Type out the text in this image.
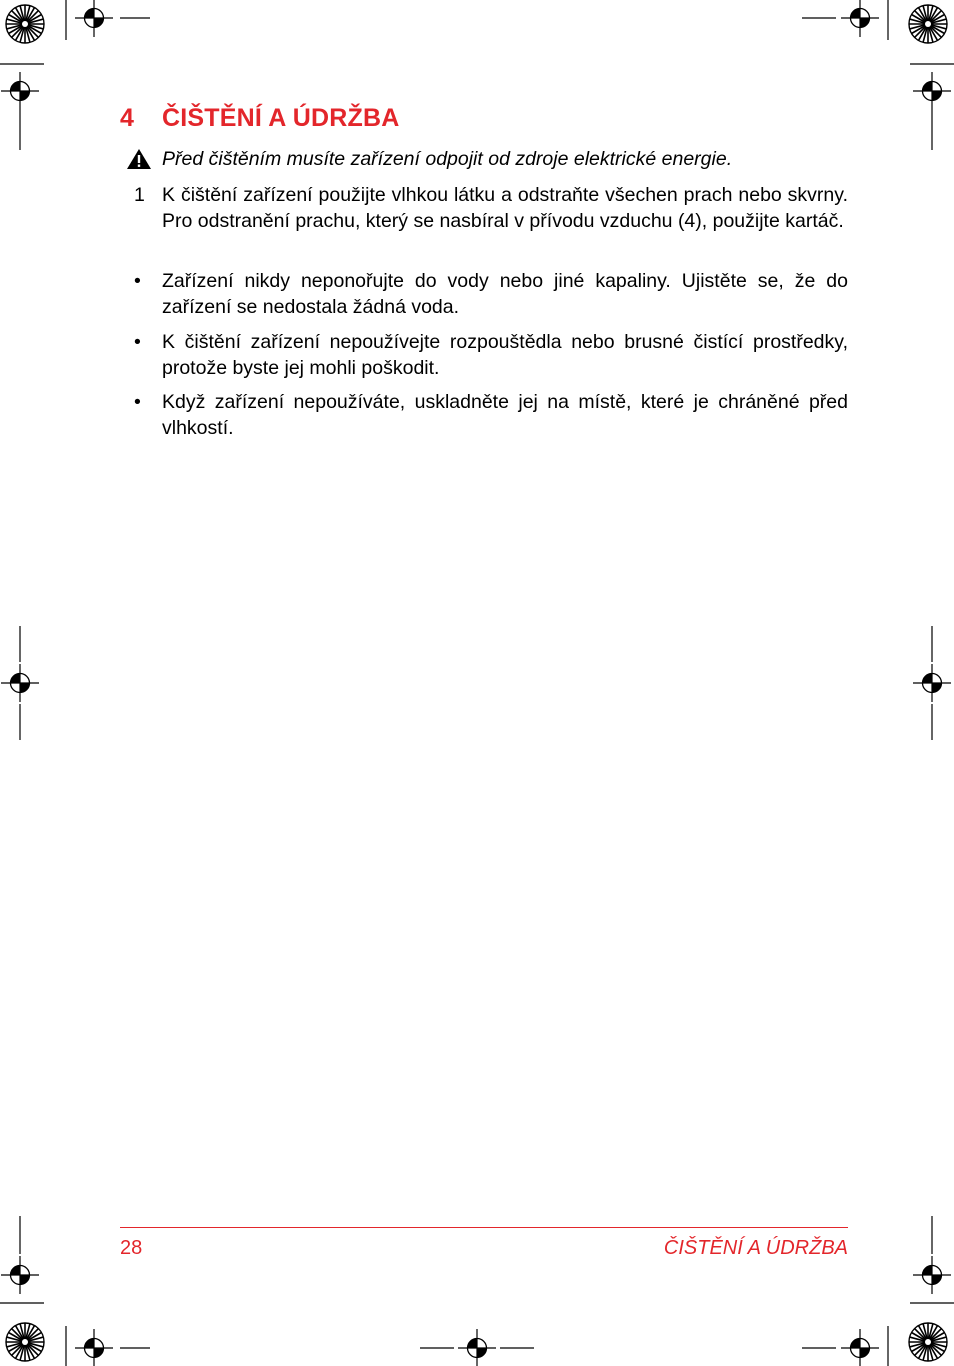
4 ČIŠTĚNÍ A ÚDRŽBA
Před čištěním musíte zařízení odpojit od zdroje elektrické energie.
1 K čištění zařízení použijte vlhkou látku a odstraňte všechen prach nebo skvrny. Pro odstranění prachu, který se nasbíral v přívodu vzduchu (4), použijte kartáč.
•	Zařízení nikdy neponořujte do vody nebo jiné kapaliny. Ujistěte se, že do zařízení se nedostala žádná voda.
•	K čištění zařízení nepoužívejte rozpouštědla nebo brusné čistící prostředky, protože byste jej mohli poškodit.
•	Když zařízení nepoužíváte, uskladněte jej na místě, které je chráněné před vlhkostí.
28	ČIŠTĚNÍ A ÚDRŽBA
